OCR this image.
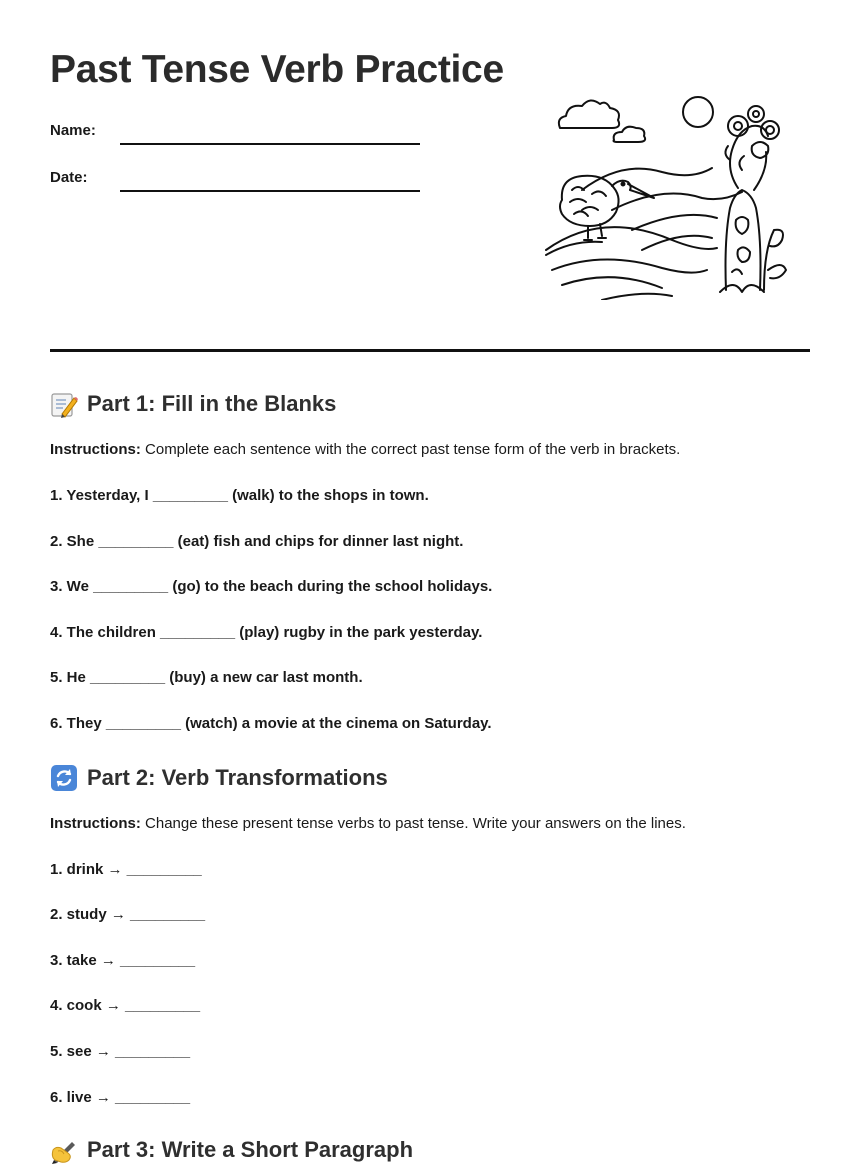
Past Tense Verb Practice
Name:
Date:
Part 1: Fill in the Blanks

Instructions: Complete each sentence with the correct past tense form of the verb in brackets.

1. Yesterday, I _________ (walk) to the shops in town.
2. She _________ (eat) fish and chips for dinner last night.
3. We _________ (go) to the beach during the school holidays.
4. The children _________ (play) rugby in the park yesterday.
5. He _________ (buy) a new car last month.
6. They _________ (watch) a movie at the cinema on Saturday.
Part 2: Verb Transformations

Instructions: Change these present tense verbs to past tense. Write your answers on the lines.

1. drink → _________
2. study → _________
3. take → _________
4. cook → _________
5. see → _________
6. live → _________
Part 3: Write a Short Paragraph
